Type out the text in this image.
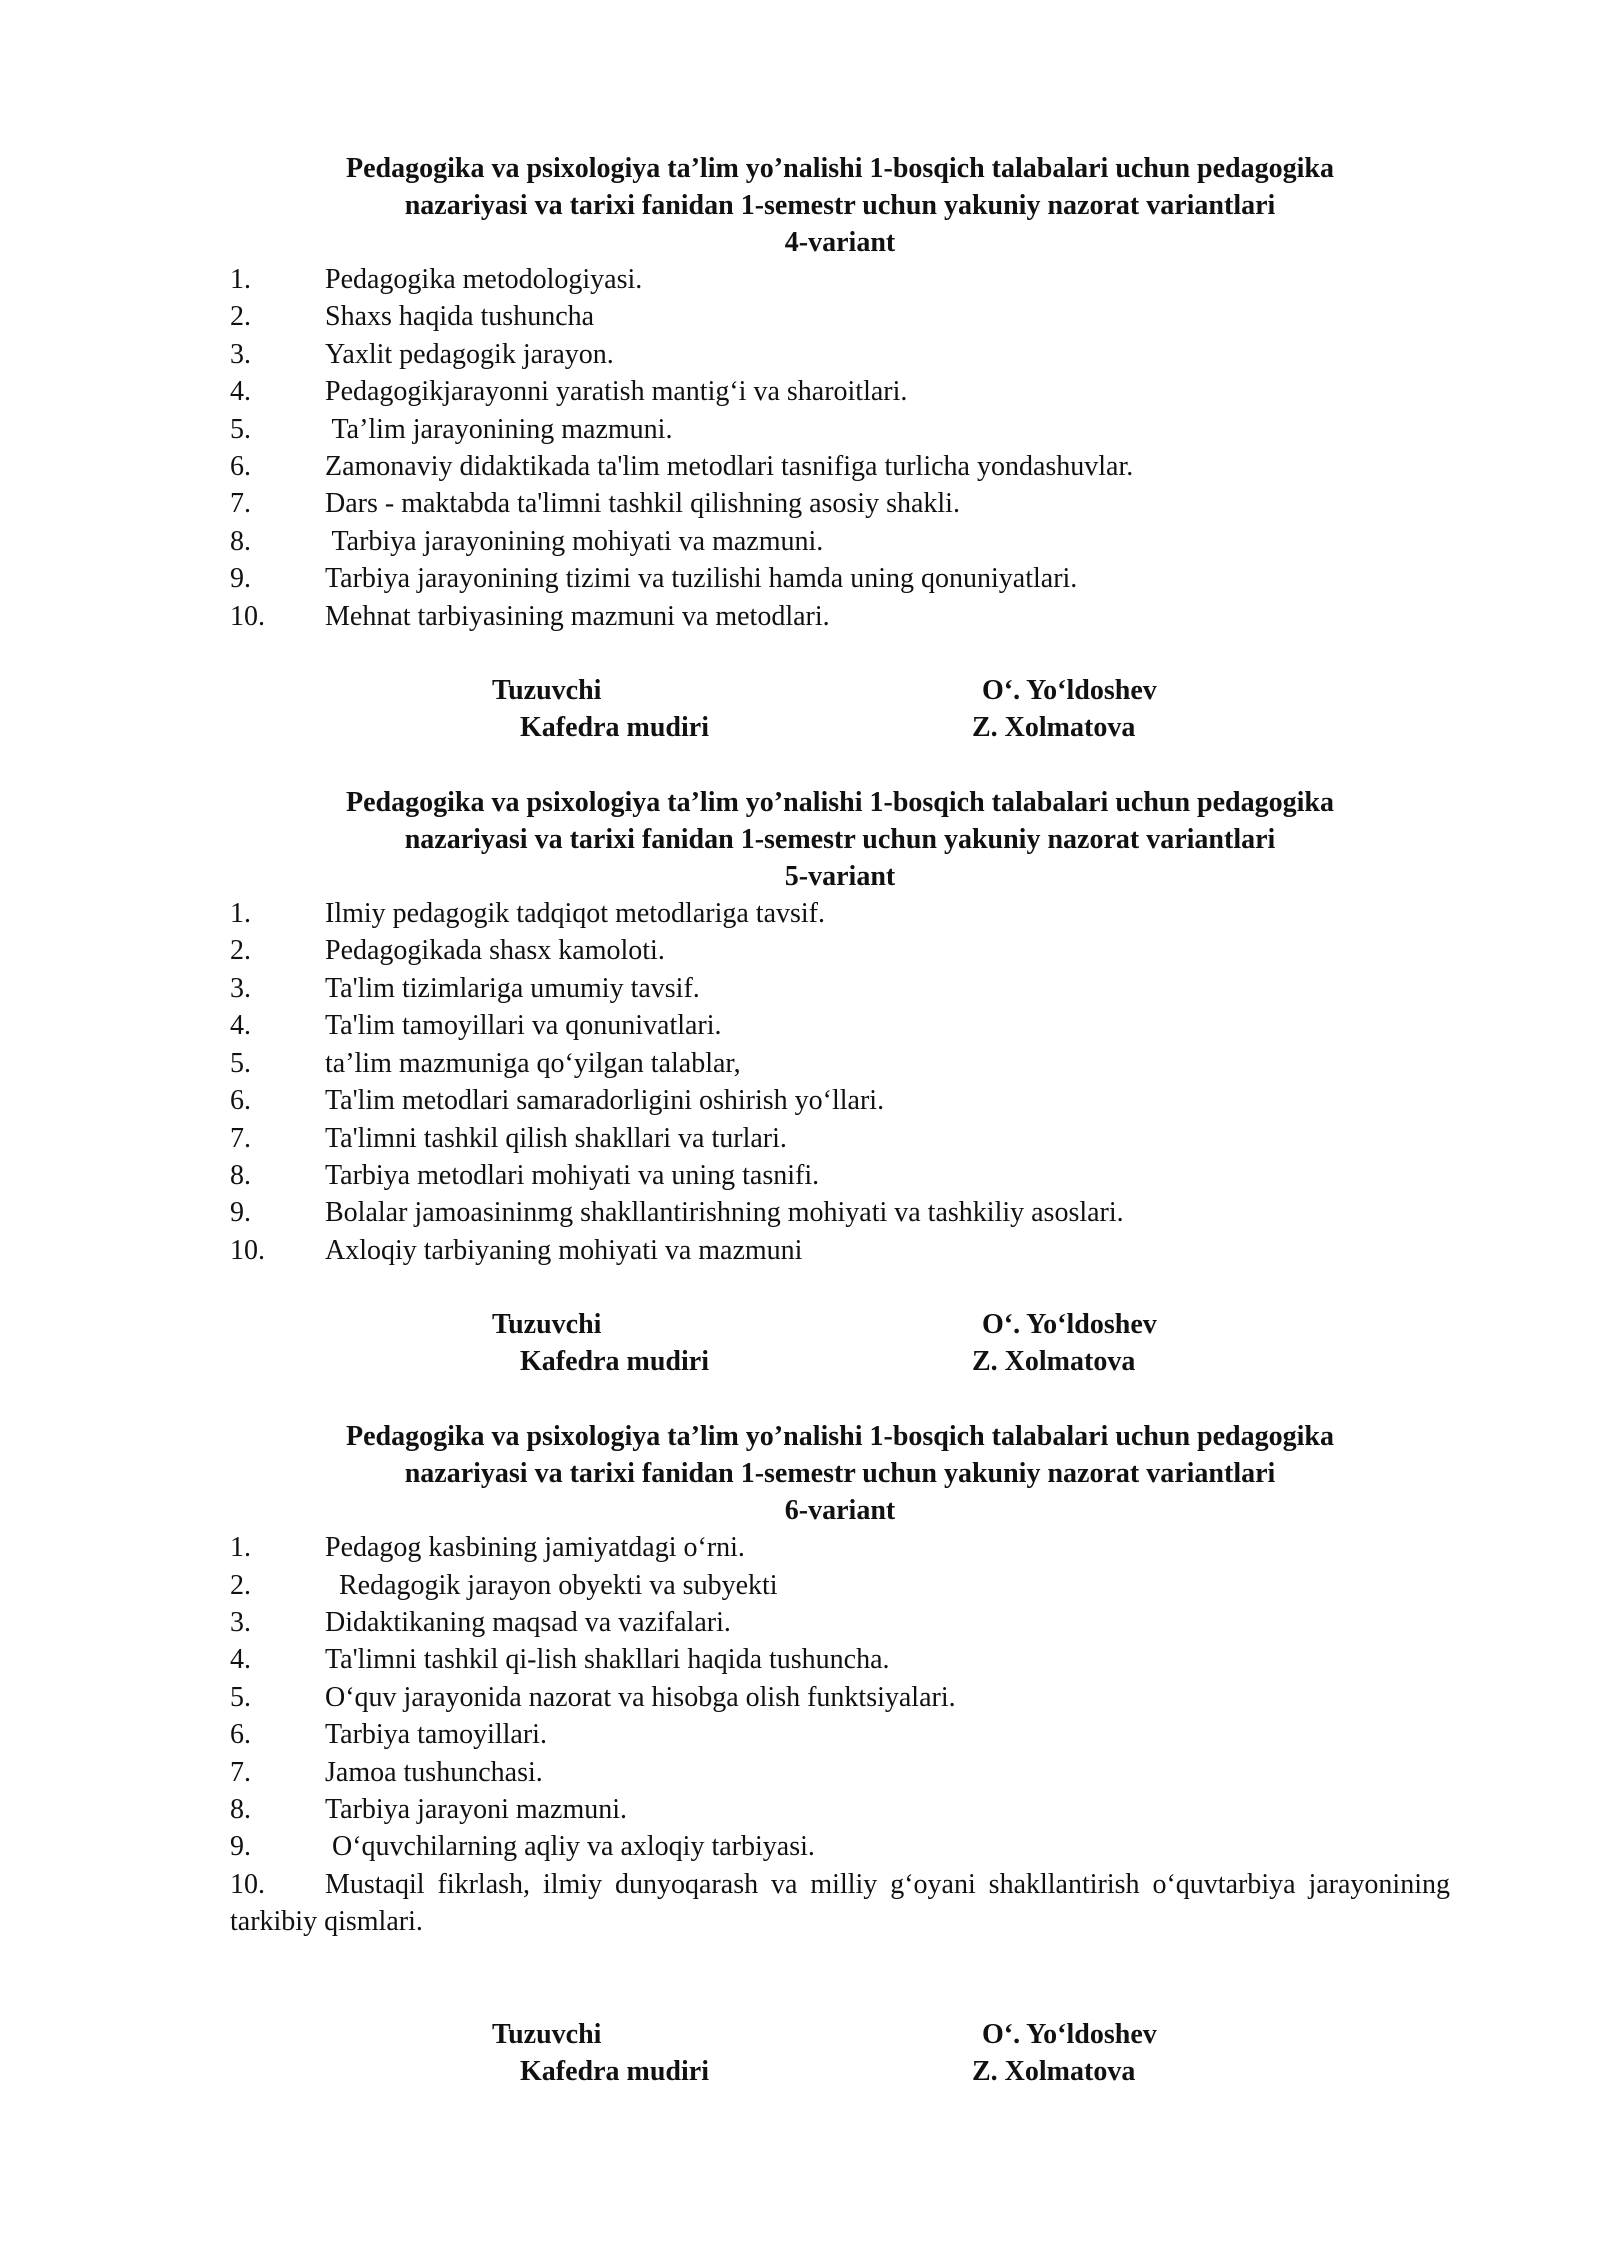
Pedagogika va psixologiya ta’lim yo’nalishi 1-bosqich talabalari uchun pedagogika
nazariyasi va tarixi fanidan 1-semestr uchun yakuniy nazorat variantlari
4-variant
1.	Pedagogika metodologiyasi.
2.	Shaxs haqida tushuncha
3.	Yaxlit pedagogik jarayon.
4.	Pedagogikjarayonni yaratish mantig‘i va sharoitlari.
5.	Ta’lim jarayonining mazmuni.
6.	Zamonaviy didaktikada ta'lim metodlari tasnifiga turlicha yondashuvlar.
7.	Dars - maktabda ta'limni tashkil qilishning asosiy shakli.
8.	Tarbiya jarayonining mohiyati va mazmuni.
9.	Tarbiya jarayonining tizimi va tuzilishi hamda uning qonuniyatlari.
10. Mehnat tarbiyasining mazmuni va metodlari.
Tuzuvchi	O‘. Yo‘ldoshev
Kafedra mudiri	Z. Xolmatova
Pedagogika va psixologiya ta’lim yo’nalishi 1-bosqich talabalari uchun pedagogika
nazariyasi va tarixi fanidan 1-semestr uchun yakuniy nazorat variantlari
5-variant
1.	Ilmiy pedagogik tadqiqot metodlariga tavsif.
2.	Pedagogikada shasx kamoloti.
3.	Ta'lim tizimlariga umumiy tavsif.
4.	Ta'lim tamoyillari va qonunivatlari.
5.	ta’lim mazmuniga qo‘yilgan talablar,
6.	Ta'lim metodlari samaradorligini oshirish yo‘llari.
7.	Ta'limni tashkil qilish shakllari va turlari.
8.	Tarbiya metodlari mohiyati va uning tasnifi.
9.	Bolalar jamoasininmg shakllantirishning mohiyati va tashkiliy asoslari.
10. Axloqiy tarbiyaning mohiyati va mazmuni
Tuzuvchi	O‘. Yo‘ldoshev
Kafedra mudiri	Z. Xolmatova
Pedagogika va psixologiya ta’lim yo’nalishi 1-bosqich talabalari uchun pedagogika
nazariyasi va tarixi fanidan 1-semestr uchun yakuniy nazorat variantlari
6-variant
1.	Pedagog kasbining jamiyatdagi o‘rni.
2.	Redagogik jarayon obyekti va subyekti
3.	Didaktikaning maqsad va vazifalari.
4.	Ta'limni tashkil qi-lish shakllari haqida tushuncha.
5.	O‘quv jarayonida nazorat va hisobga olish funktsiyalari.
6.	Tarbiya tamoyillari.
7.	Jamoa tushunchasi.
8.	Tarbiya jarayoni mazmuni.
9.	O‘quvchilarning aqliy va axloqiy tarbiyasi.
10. Mustaqil fikrlash, ilmiy dunyoqarash va milliy g‘oyani shakllantirish o‘quvtarbiya jarayonining tarkibiy qismlari.
Tuzuvchi	O‘. Yo‘ldoshev
Kafedra mudiri	Z. Xolmatova
